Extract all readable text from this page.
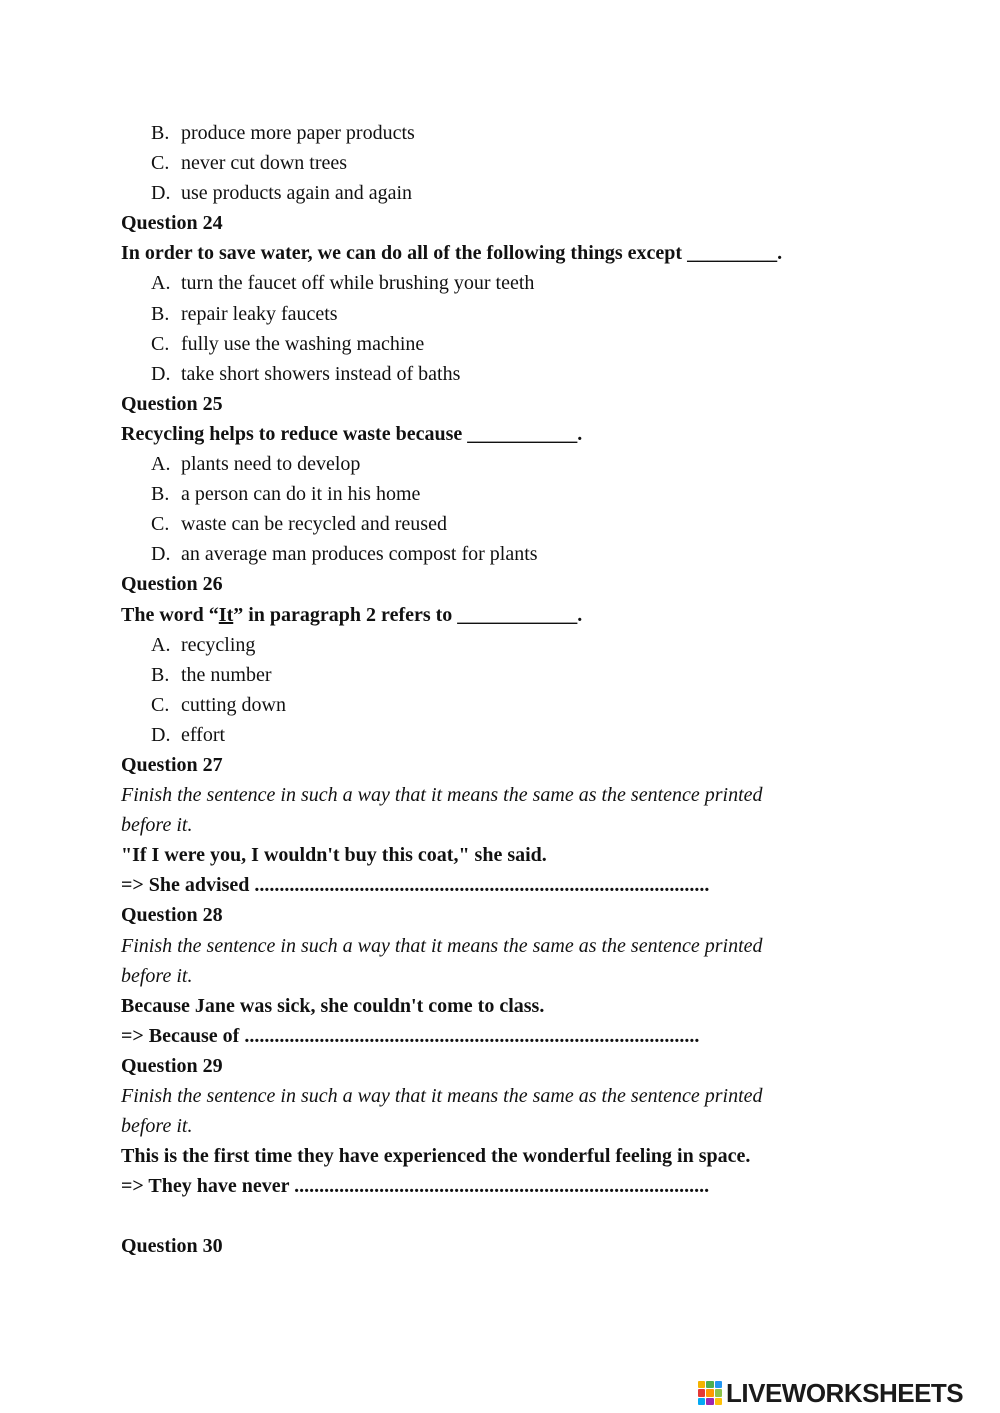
B. produce more paper products
C. never cut down trees
D. use products again and again
Question 24
In order to save water, we can do all of the following things except _________.
A. turn the faucet off while brushing your teeth
B. repair leaky faucets
C. fully use the washing machine
D. take short showers instead of baths
Question 25
Recycling helps to reduce waste because ___________.
A. plants need to develop
B. a person can do it in his home
C. waste can be recycled and reused
D. an average man produces compost for plants
Question 26
The word “It” in paragraph 2 refers to ____________.
A. recycling
B. the number
C. cutting down
D. effort
Question 27
Finish the sentence in such a way that it means the same as the sentence printed
before it.
"If I were you, I wouldn't buy this coat," she said.
=> She advised ...........................................................................................
Question 28
Finish the sentence in such a way that it means the same as the sentence printed
before it.
Because Jane was sick, she couldn't come to class.
=> Because of ...........................................................................................
Question 29
Finish the sentence in such a way that it means the same as the sentence printed
before it.
This is the first time they have experienced the wonderful feeling in space.
=> They have never ...................................................................................
Question 30
LIVEWORKSHEETS
